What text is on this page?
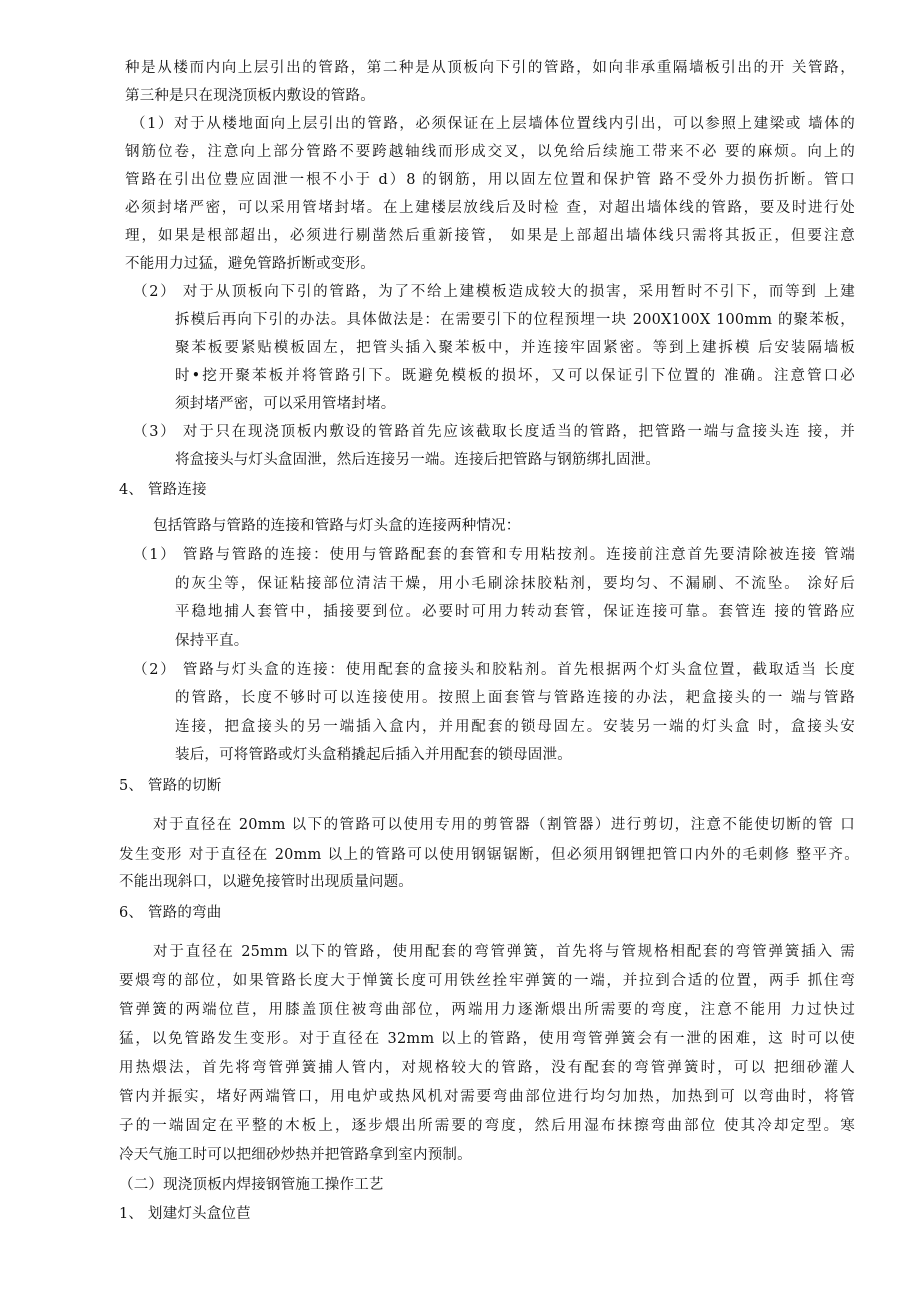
种是从楼而内向上层引出的管路，第二种是从顶板向下引的管路，如向非承重隔墙板引出的开 关管路，
第三种是只在现浇顶板内敷设的管路。
（1）对于从楼地面向上层引出的管路，必须保证在上层墙体位置线内引出，可以参照上建梁或 墙体的
钢筋位卷，注意向上部分管路不要跨越轴线而形成交叉，以免给后续施工带来不必 要的麻烦。向上的
管路在引出位豊应固泄一根不小于 d）8 的钢筋，用以固左位置和保护管 路不受外力损伤折断。管口
必须封堵严密，可以采用管堵封堵。在上建楼层放线后及时检 查，对超出墙体线的管路，要及时进行处
理，如果是根部超出，必须进行剔凿然后重新接管， 如果是上部超出墙体线只需将其扳正，但要注意
不能用力过猛，避免管路折断或变形。
（2） 对于从顶板向下引的管路，为了不给上建模板造成较大的损害，采用暂时不引下，而等到 上建
拆模后再向下引的办法。具体做法是：在需要引下的位程预埋一块 200X100X 100mm 的聚苯板，
聚苯板要紧贴模板固左，把管头插入聚苯板中，并连接牢固紧密。等到上建拆模 后安装隔墙板
时•挖开聚苯板并将管路引下。既避免模板的损坏，又可以保证引下位置的 准确。注意管口必
须封堵严密，可以采用管堵封堵。
（3） 对于只在现浇顶板内敷设的管路首先应该截取长度适当的管路，把管路一端与盒接头连 接，并
将盒接头与灯头盒固泄，然后连接另一端。连接后把管路与钢筋绑扎固泄。
4、 管路连接
包括管路与管路的连接和管路与灯头盒的连接两种情况：
（1） 管路与管路的连接：使用与管路配套的套管和专用粘按剂。连接前注意首先要清除被连接 管端
的灰尘等，保证粘接部位清洁干燥，用小毛刷涂抹胶粘剂，要均匀、不漏刷、不流坠。 涂好后
平稳地捕人套管中，插接要到位。必要时可用力转动套管，保证连接可靠。套管连 接的管路应
保持平直。
（2） 管路与灯头盒的连接：使用配套的盒接头和胶粘剂。首先根据两个灯头盒位置，截取适当 长度
的管路，长度不够时可以连接使用。按照上面套管与管路连接的办法，耙盒接头的一 端与管路
连接，把盒接头的另一端插入盒内，并用配套的锁母固左。安装另一端的灯头盒 时，盒接头安
装后，可将管路或灯头盒稍撬起后插入并用配套的锁母固泄。
5、 管路的切断
对于直径在 20mm 以下的管路可以使用专用的剪管器（割管器）进行剪切，注意不能使切断的管 口
发生变形 对于直径在 20mm 以上的管路可以使用钢锯锯断，但必须用钢锂把管口内外的毛刺修 整平齐。
不能出现斜口，以避免接管时出现质量问题。
6、 管路的弯曲
对于直径在 25mm 以下的管路，使用配套的弯管弹簧，首先将与管规格相配套的弯管弹簧插入 需
要煨弯的部位，如果管路长度大于惮簧长度可用铁丝拴牢弹簧的一端，并拉到合适的位置，两手 抓住弯
管弹簧的两端位苣，用膝盖顶住被弯曲部位，两端用力逐渐煨出所需要的弯度，注意不能用 力过快过
猛，以免管路发生变形。对于直径在 32mm 以上的管路，使用弯管弹簧会有一泄的困难，这 时可以使
用热煨法，首先将弯管弹簧捕人管内，对规格较大的管路，没有配套的弯管弹簧时，可以 把细砂灌人
管内并振实，堵好两端管口，用电炉或热风机对需要弯曲部位进行均匀加热，加热到可 以弯曲时，将管
子的一端固定在平整的木板上，逐步煨出所需要的弯度，然后用湿布抹擦弯曲部位 使其冷却定型。寒
冷天气施工时可以把细砂炒热并把管路拿到室内预制。
（二）现浇顶板内焊接钢管施工操作工艺
1、 划建灯头盒位苣
